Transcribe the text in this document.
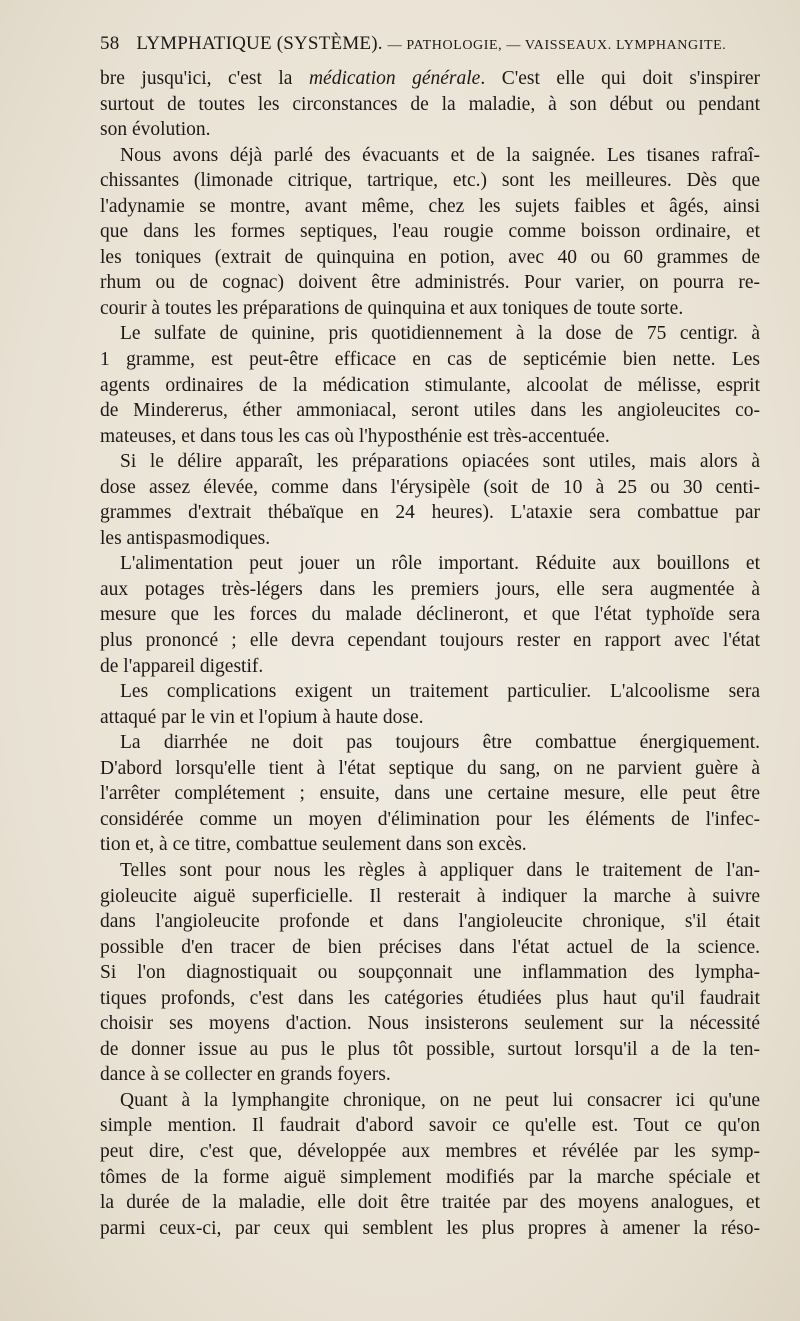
58 LYMPHATIQUE (SYSTÈME). — PATHOLOGIE, — VAISSEAUX. LYMPHANGITE.
bre jusqu'ici, c'est la médication générale. C'est elle qui doit s'inspirer
surtout de toutes les circonstances de la maladie, à son début ou pendant
son évolution.
Nous avons déjà parlé des évacuants et de la saignée. Les tisanes rafraî-
chissantes (limonade citrique, tartrique, etc.) sont les meilleures. Dès que
l'adynamie se montre, avant même, chez les sujets faibles et âgés, ainsi
que dans les formes septiques, l'eau rougie comme boisson ordinaire, et
les toniques (extrait de quinquina en potion, avec 40 ou 60 grammes de
rhum ou de cognac) doivent être administrés. Pour varier, on pourra re-
courir à toutes les préparations de quinquina et aux toniques de toute sorte.
Le sulfate de quinine, pris quotidiennement à la dose de 75 centigr. à
1 gramme, est peut-être efficace en cas de septicémie bien nette. Les
agents ordinaires de la médication stimulante, alcoolat de mélisse, esprit
de Mindererus, éther ammoniacal, seront utiles dans les angioleucites co-
mateuses, et dans tous les cas où l'hyposthénie est très-accentuée.
Si le délire apparaît, les préparations opiacées sont utiles, mais alors à
dose assez élevée, comme dans l'érysipèle (soit de 10 à 25 ou 30 centi-
grammes d'extrait thébaïque en 24 heures). L'ataxie sera combattue par
les antispasmodiques.
L'alimentation peut jouer un rôle important. Réduite aux bouillons et
aux potages très-légers dans les premiers jours, elle sera augmentée à
mesure que les forces du malade déclineront, et que l'état typhoïde sera
plus prononcé ; elle devra cependant toujours rester en rapport avec l'état
de l'appareil digestif.
Les complications exigent un traitement particulier. L'alcoolisme sera
attaqué par le vin et l'opium à haute dose.
La diarrhée ne doit pas toujours être combattue énergiquement.
D'abord lorsqu'elle tient à l'état septique du sang, on ne parvient guère à
l'arrêter complétement ; ensuite, dans une certaine mesure, elle peut être
considérée comme un moyen d'élimination pour les éléments de l'infec-
tion et, à ce titre, combattue seulement dans son excès.
Telles sont pour nous les règles à appliquer dans le traitement de l'an-
gioleucite aiguë superficielle. Il resterait à indiquer la marche à suivre
dans l'angioleucite profonde et dans l'angioleucite chronique, s'il était
possible d'en tracer de bien précises dans l'état actuel de la science.
Si l'on diagnostiquait ou soupçonnait une inflammation des lympha-
tiques profonds, c'est dans les catégories étudiées plus haut qu'il faudrait
choisir ses moyens d'action. Nous insisterons seulement sur la nécessité
de donner issue au pus le plus tôt possible, surtout lorsqu'il a de la ten-
dance à se collecter en grands foyers.
Quant à la lymphangite chronique, on ne peut lui consacrer ici qu'une
simple mention. Il faudrait d'abord savoir ce qu'elle est. Tout ce qu'on
peut dire, c'est que, développée aux membres et révélée par les symp-
tômes de la forme aiguë simplement modifiés par la marche spéciale et
la durée de la maladie, elle doit être traitée par des moyens analogues, et
parmi ceux-ci, par ceux qui semblent les plus propres à amener la réso-
